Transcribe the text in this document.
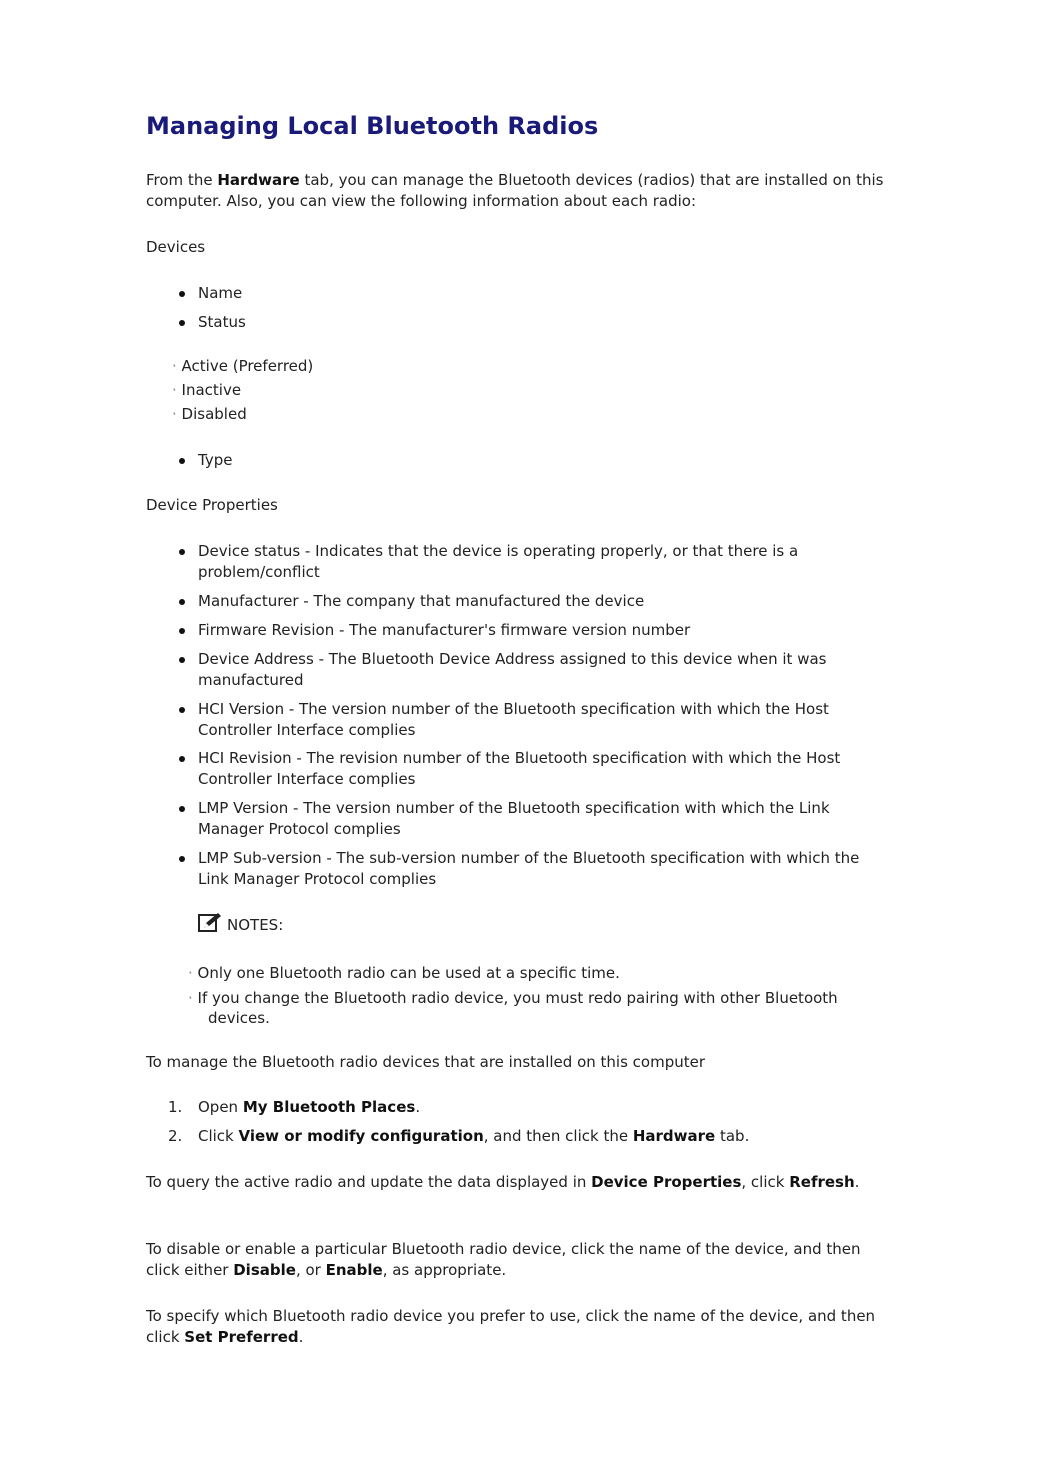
Managing Local Bluetooth Radios

From the Hardware tab, you can manage the Bluetooth devices (radios) that are installed on this computer. Also, you can view the following information about each radio:

Devices

Name
Status
· Active (Preferred)
· Inactive
· Disabled
Type

Device Properties

Device status - Indicates that the device is operating properly, or that there is a problem/conflict
Manufacturer - The company that manufactured the device
Firmware Revision - The manufacturer's firmware version number
Device Address - The Bluetooth Device Address assigned to this device when it was manufactured
HCI Version - The version number of the Bluetooth specification with which the Host Controller Interface complies
HCI Revision - The revision number of the Bluetooth specification with which the Host Controller Interface complies
LMP Version - The version number of the Bluetooth specification with which the Link Manager Protocol complies
LMP Sub-version - The sub-version number of the Bluetooth specification with which the Link Manager Protocol complies
NOTES:
· Only one Bluetooth radio can be used at a specific time.
· If you change the Bluetooth radio device, you must redo pairing with other Bluetooth
devices.

To manage the Bluetooth radio devices that are installed on this computer

1. Open My Bluetooth Places.
2. Click View or modify configuration, and then click the Hardware tab.

To query the active radio and update the data displayed in Device Properties, click Refresh.

To disable or enable a particular Bluetooth radio device, click the name of the device, and then click either Disable, or Enable, as appropriate.

To specify which Bluetooth radio device you prefer to use, click the name of the device, and then click Set Preferred.
